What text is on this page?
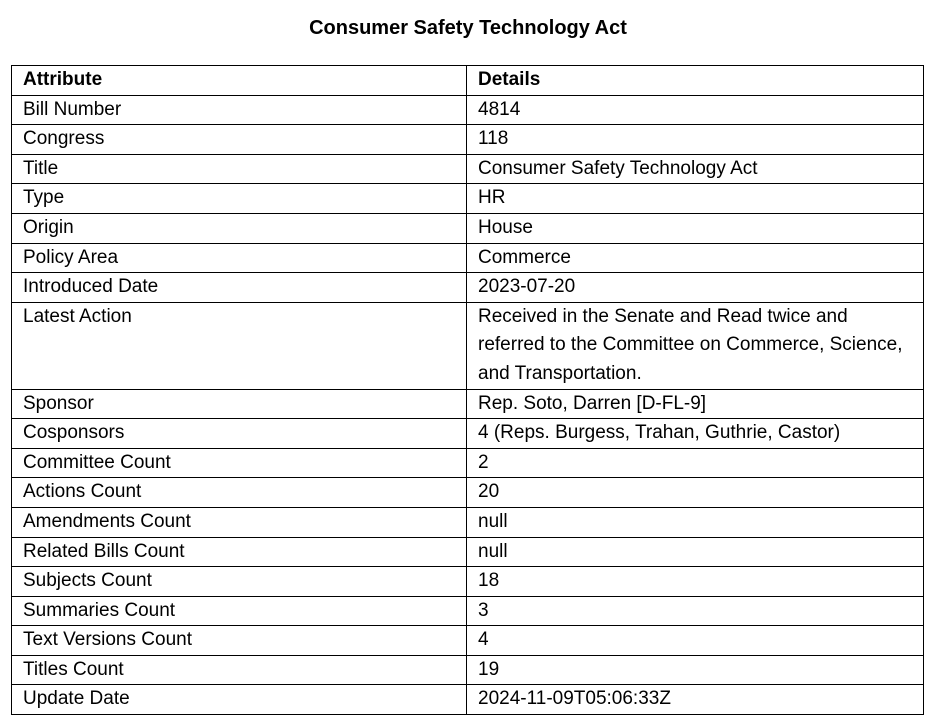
Consumer Safety Technology Act
Attribute	Details
Bill Number	4814
Congress	118
Title	Consumer Safety Technology Act
Type	HR
Origin	House
Policy Area	Commerce
Introduced Date	2023-07-20
Latest Action	Received in the Senate and Read twice and referred to the Committee on Commerce, Science, and Transportation.
Sponsor	Rep. Soto, Darren [D-FL-9]
Cosponsors	4 (Reps. Burgess, Trahan, Guthrie, Castor)
Committee Count	2
Actions Count	20
Amendments Count	null
Related Bills Count	null
Subjects Count	18
Summaries Count	3
Text Versions Count	4
Titles Count	19
Update Date	2024-11-09T05:06:33Z
